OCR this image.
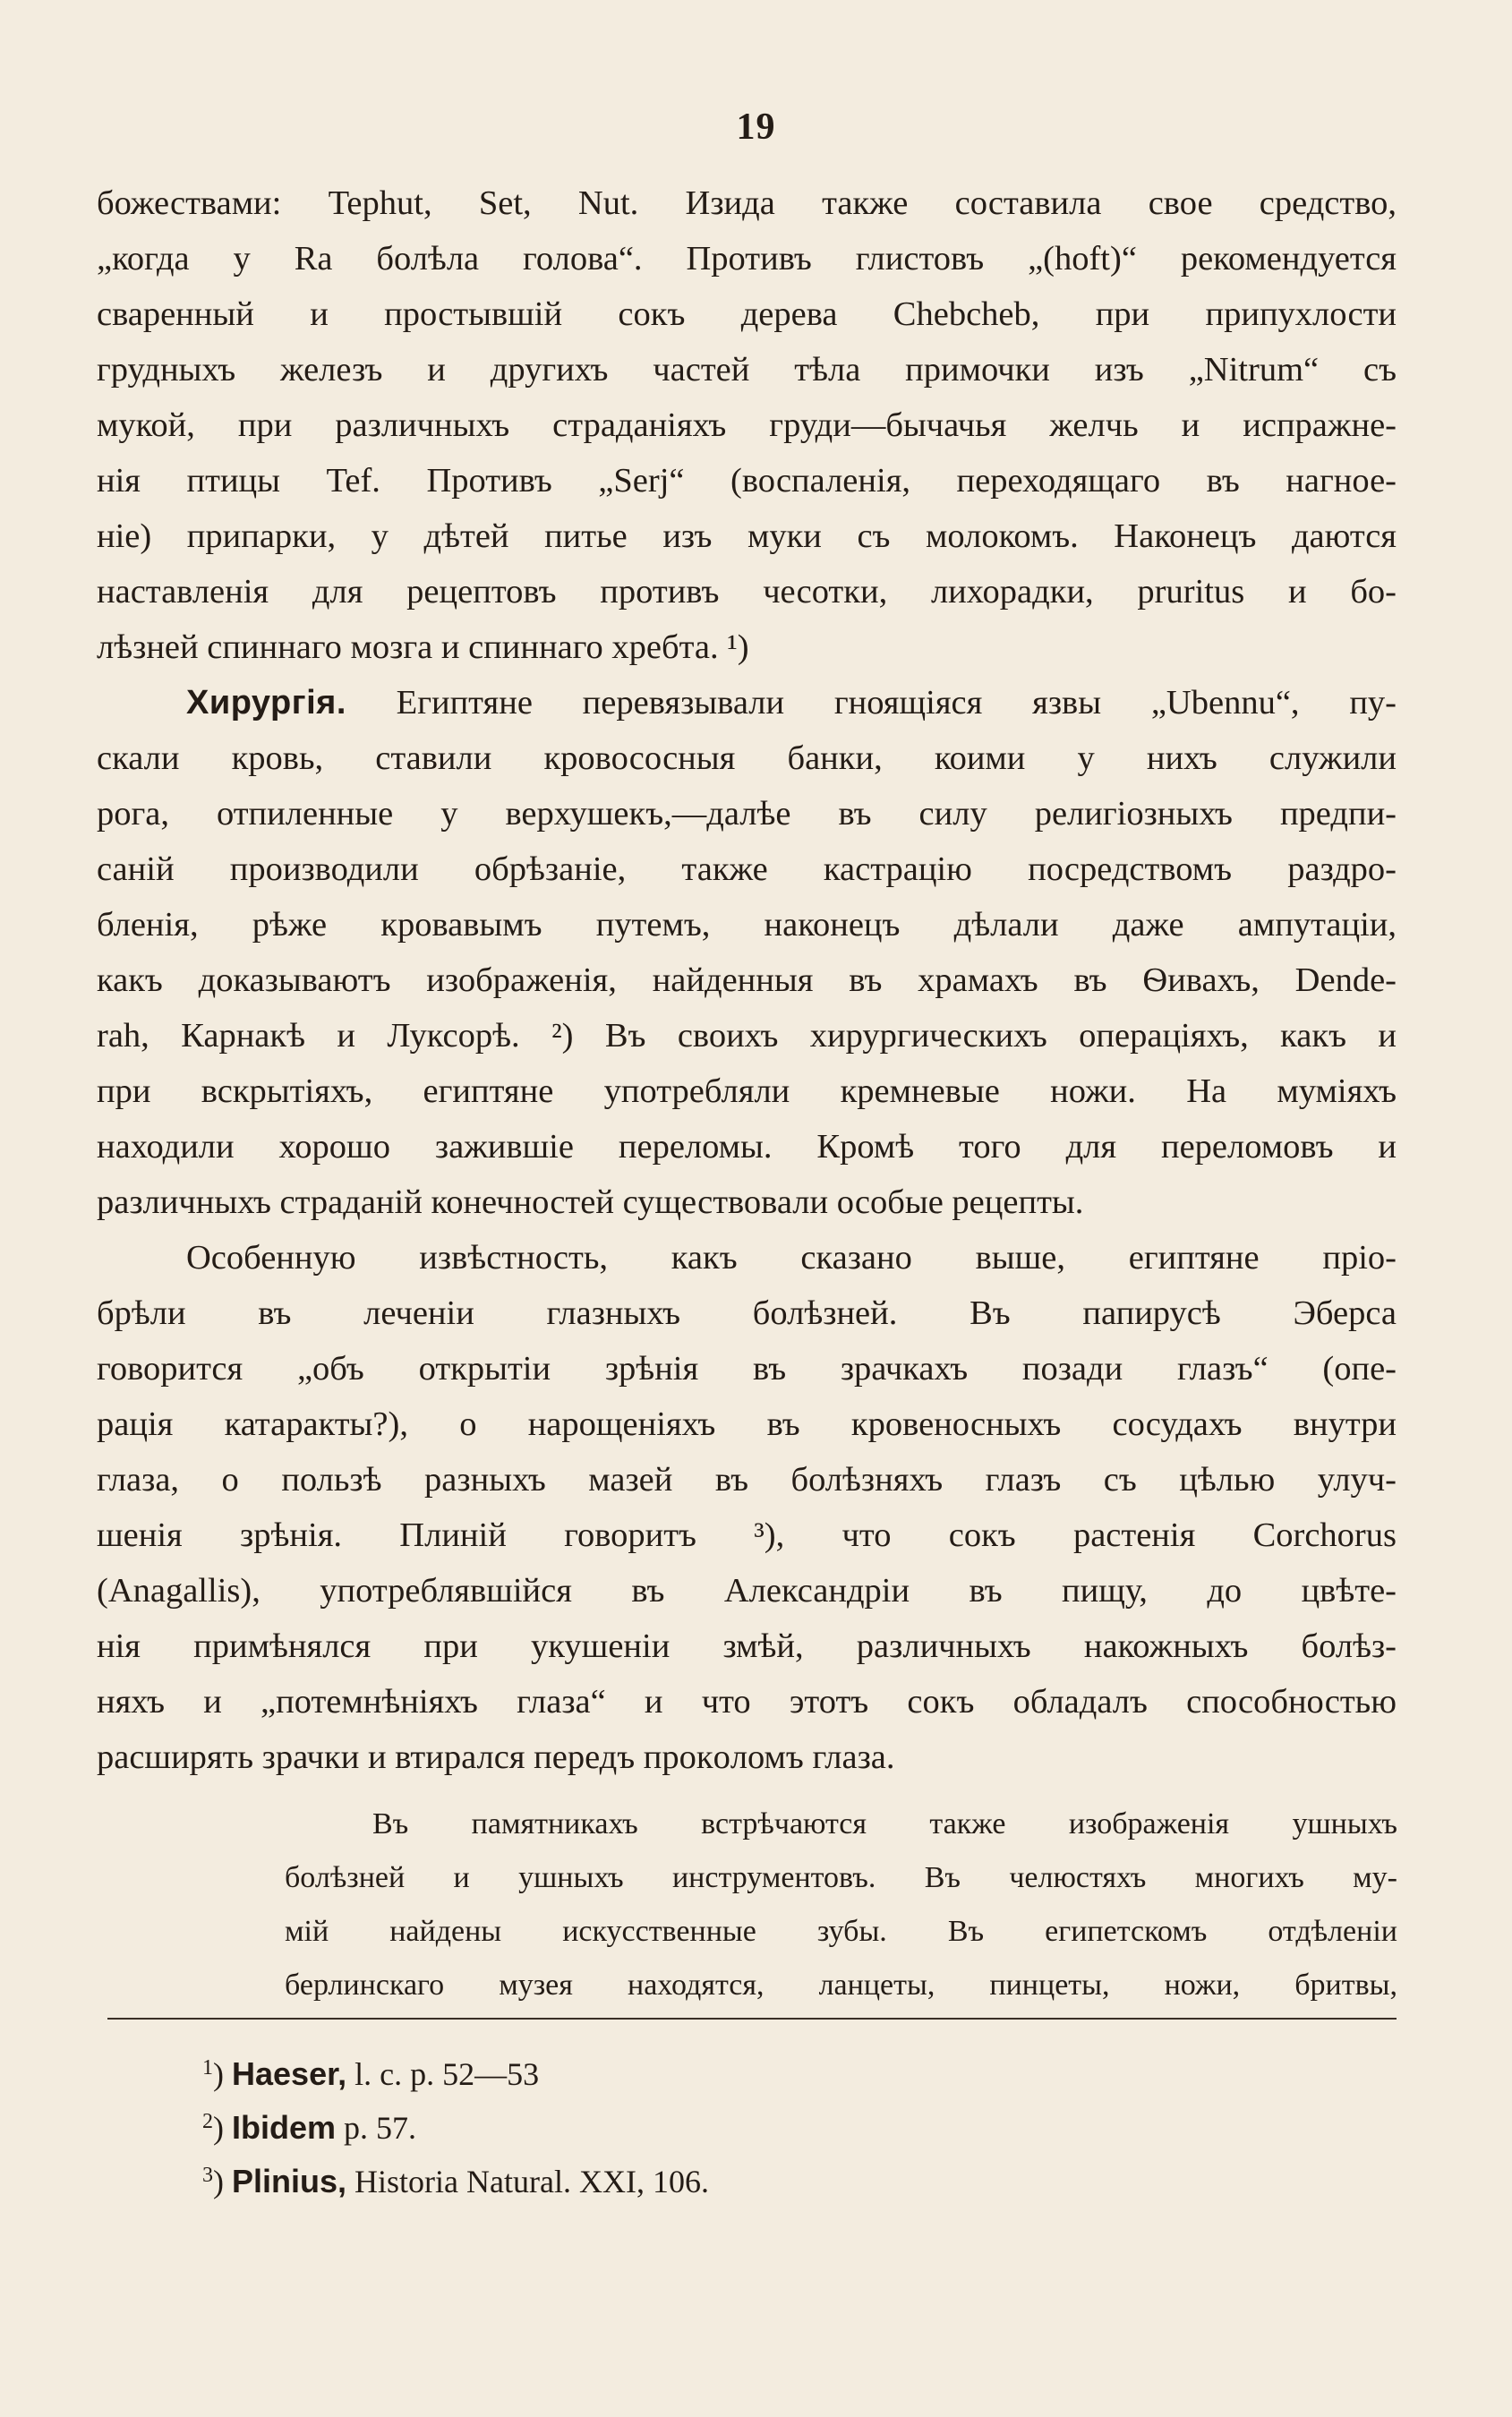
19
божествами: Tephut, Set, Nut. Изида также составила свое средство,
„когда у Ra болѣла голова“. Противъ глистовъ „(hoft)“ рекомендуется
сваренный и простывшій сокъ дерева Chebcheb, при припухлости
грудныхъ железъ и другихъ частей тѣла примочки изъ „Nitrum“ съ
мукой, при различныхъ страданіяхъ груди—бычачья желчь и испражне-
нія птицы Tef. Противъ „Serj“ (воспаленія, переходящаго въ нагное-
ніе) припарки, у дѣтей питье изъ муки съ молокомъ. Наконецъ даются
наставленія для рецептовъ противъ чесотки, лихорадки, pruritus и бо-
лѣзней спиннаго мозга и спиннаго хребта. ¹)
Хирургія. Египтяне перевязывали гноящіяся язвы „Ubennu“, пу-
скали кровь, ставили кровососныя банки, коими у нихъ служили
рога, отпиленные у верхушекъ,—далѣе въ силу религіозныхъ предпи-
саній производили обрѣзаніе, также кастрацію посредствомъ раздро-
бленія, рѣже кровавымъ путемъ, наконецъ дѣлали даже ампутаціи,
какъ доказываютъ изображенія, найденныя въ храмахъ въ Ѳивахъ, Dende-
rah, Карнакѣ и Луксорѣ. ²) Въ своихъ хирургическихъ операціяхъ, какъ и
при вскрытіяхъ, египтяне употребляли кремневые ножи. На муміяхъ
находили хорошо зажившіе переломы. Кромѣ того для переломовъ и
различныхъ страданій конечностей существовали особые рецепты.
Особенную извѣстность, какъ сказано выше, египтяне пріо-
брѣли въ леченіи глазныхъ болѣзней. Въ папирусѣ Эберса
говорится „объ открытіи зрѣнія въ зрачкахъ позади глазъ“ (опе-
рація катаракты?), о нарощеніяхъ въ кровеносныхъ сосудахъ внутри
глаза, о пользѣ разныхъ мазей въ болѣзняхъ глазъ съ цѣлью улуч-
шенія зрѣнія. Плиній говоритъ ³), что сокъ растенія Corchorus
(Anagallis), употреблявшійся въ Александріи въ пищу, до цвѣте-
нія примѣнялся при укушеніи змѣй, различныхъ накожныхъ болѣз-
няхъ и „потемнѣніяхъ глаза“ и что этотъ сокъ обладалъ способностью
расширять зрачки и втирался передъ прокoломъ глаза.
Въ памятникахъ встрѣчаются также изображенія ушныхъ
болѣзней и ушныхъ инструментовъ. Въ челюстяхъ многихъ му-
мій найдены искусственные зубы. Въ египетскомъ отдѣленіи
берлинскаго музея находятся, ланцеты, пинцеты, ножи, бритвы,
$^1$) Haeser, l. c. p. 52—53
$^2$) Ibidem p. 57.
$^3$) Plinius, Historia Natural. XXI, 106.
